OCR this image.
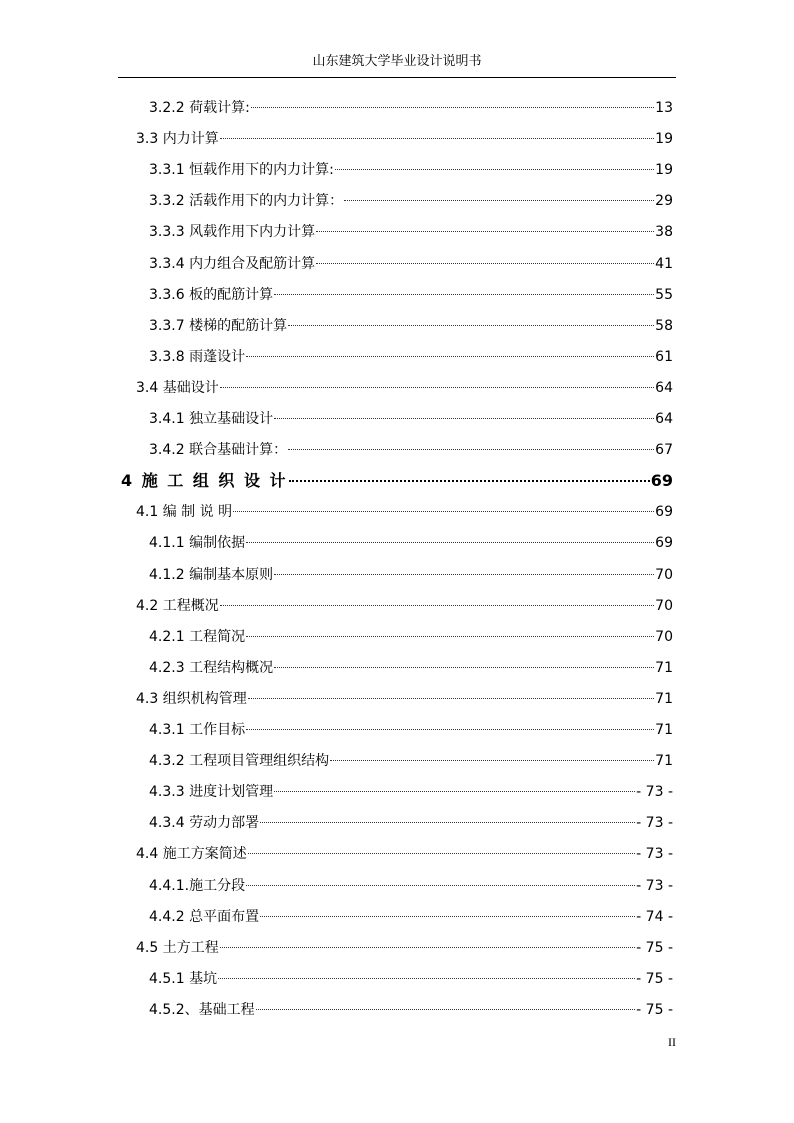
山东建筑大学毕业设计说明书
3.2.2 荷载计算:	13
3.3 内力计算	19
3.3.1 恒载作用下的内力计算:	19
3.3.2 活载作用下的内力计算：	29
3.3.3 风载作用下内力计算	38
3.3.4 内力组合及配筋计算	41
3.3.6 板的配筋计算	55
3.3.7 楼梯的配筋计算	58
3.3.8 雨蓬设计	61
3.4 基础设计	64
3.4.1 独立基础设计	64
3.4.2 联合基础计算：	67
4 施 工 组 织 设 计	69
4.1 编 制 说 明	69
4.1.1 编制依据	69
4.1.2 编制基本原则	70
4.2 工程概况	70
4.2.1 工程简况	70
4.2.3 工程结构概况	71
4.3 组织机构管理	71
4.3.1 工作目标	71
4.3.2 工程项目管理组织结构	71
4.3.3 进度计划管理	- 73 -
4.3.4 劳动力部署	- 73 -
4.4 施工方案简述	- 73 -
4.4.1.施工分段	- 73 -
4.4.2 总平面布置	- 74 -
4.5 土方工程	- 75 -
4.5.1 基坑	- 75 -
4.5.2、基础工程	- 75 -
II
